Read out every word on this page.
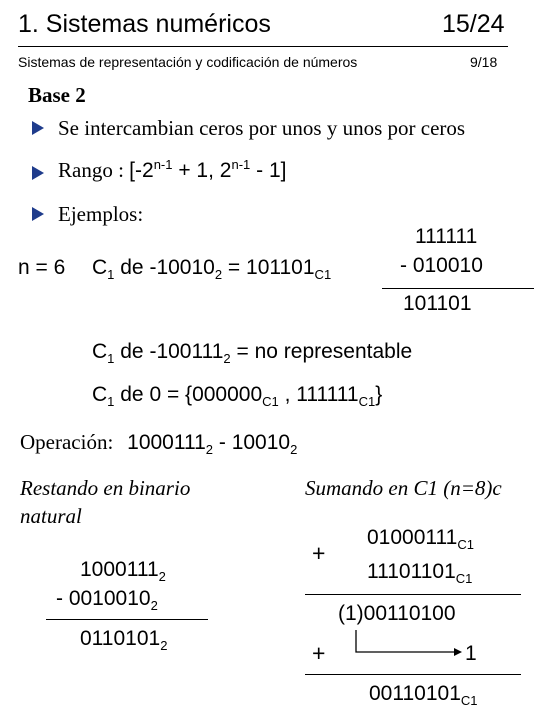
1. Sistemas numéricos	15/24
Sistemas de representación y codificación de números	9/18
Base 2
Se intercambian ceros por unos y unos por ceros
Rango : [$-2^{n-1} + 1$, 2$^{n-1}$ - 1]
Ejemplos:
n = 6 $C_1$ de $-10010_2 = 101101_{C1}$
111111
- 010010
101101
$C_1$ de $-100111_2$ = no representable
$C_1$ de $0 = \{000000_{C1}$ , $111111_{C1}$}
Operación: $1000111_2 - 10010_2$
Restando en binario
natural
$1000111_2$
- $0010010_2$
$0110101_2$
Sumando en C1 (n=8)c
+
$01000111_{C1}$
$11101101_{C1}$
(1)00110100
+	1
$00110101_{C1}$
